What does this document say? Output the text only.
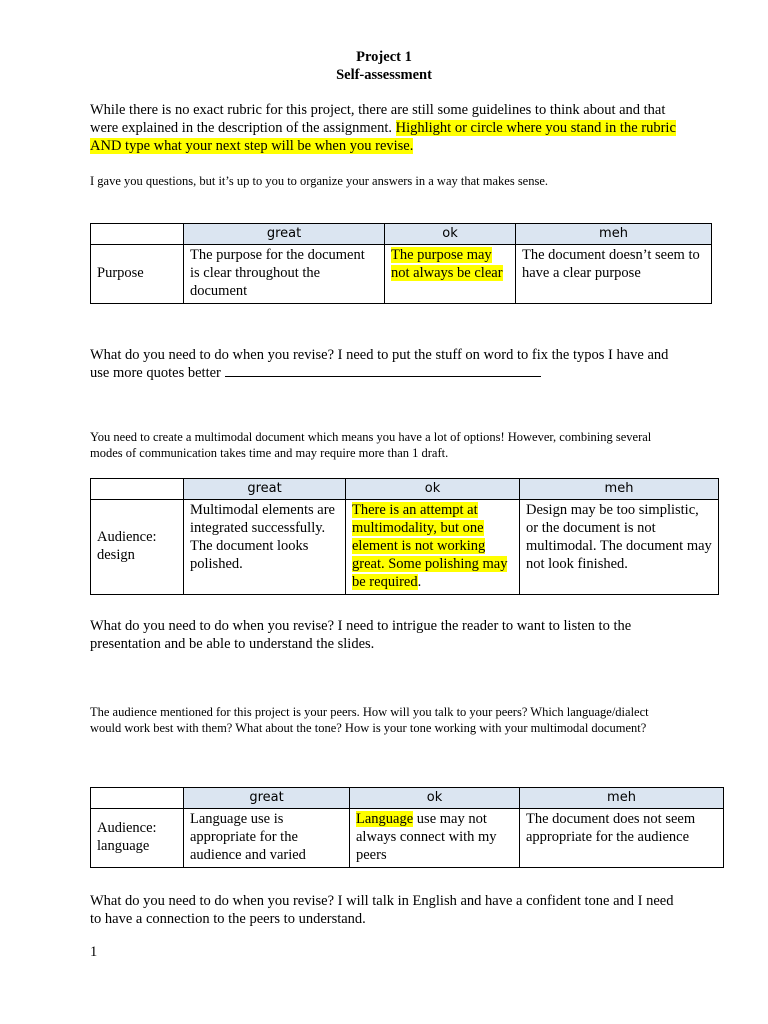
Project 1
Self-assessment
While there is no exact rubric for this project, there are still some guidelines to think about and that were explained in the description of the assignment. Highlight or circle where you stand in the rubric AND type what your next step will be when you revise.
I gave you questions, but it’s up to you to organize your answers in a way that makes sense.
	great	ok	meh
Purpose	The purpose for the document is clear throughout the document	The purpose may not always be clear	The document doesn’t seem to have a clear purpose
What do you need to do when you revise? I need to put the stuff on word to fix the typos I have and use more quotes better
You need to create a multimodal document which means you have a lot of options! However, combining several modes of communication takes time and may require more than 1 draft.
	great	ok	meh
Audience: design	Multimodal elements are integrated successfully. The document looks polished.	There is an attempt at multimodality, but one element is not working great. Some polishing may be required.	Design may be too simplistic, or the document is not multimodal. The document may not look finished.
What do you need to do when you revise? I need to intrigue the reader to want to listen to the presentation and be able to understand the slides.
The audience mentioned for this project is your peers. How will you talk to your peers? Which language/dialect would work best with them? What about the tone? How is your tone working with your multimodal document?
	great	ok	meh
Audience: language	Language use is appropriate for the audience and varied	Language use may not always connect with my peers	The document does not seem appropriate for the audience
What do you need to do when you revise? I will talk in English and have a confident tone and I need to have a connection to the peers to understand.
1
